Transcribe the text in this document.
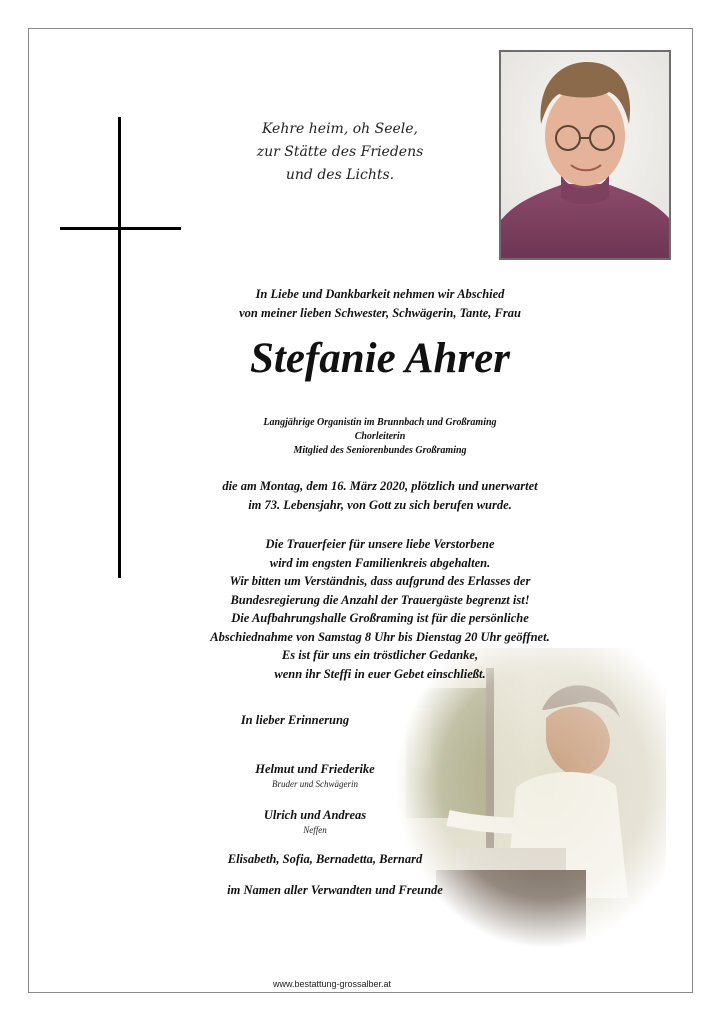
Kehre heim, oh Seele,
zur Stätte des Friedens
und des Lichts.
In Liebe und Dankbarkeit nehmen wir Abschied
von meiner lieben Schwester, Schwägerin, Tante, Frau
Stefanie Ahrer
Langjährige Organistin im Brunnbach und Großraming
Chorleiterin
Mitglied des Seniorenbundes Großraming
die am Montag, dem 16. März 2020, plötzlich und unerwartet
im 73. Lebensjahr, von Gott zu sich berufen wurde.
Die Trauerfeier für unsere liebe Verstorbene
wird im engsten Familienkreis abgehalten.
Wir bitten um Verständnis, dass aufgrund des Erlasses der
Bundesregierung die Anzahl der Trauergäste begrenzt ist!
Die Aufbahrungshalle Großraming ist für die persönliche
Abschiednahme von Samstag 8 Uhr bis Dienstag 20 Uhr geöffnet.
Es ist für uns ein tröstlicher Gedanke,
wenn ihr Steffi in euer Gebet einschließt.
In lieber Erinnerung
Helmut und Friederike
Bruder und Schwägerin
Ulrich und Andreas
Neffen
Elisabeth, Sofia, Bernadetta, Bernard
im Namen aller Verwandten und Freunde
www.bestattung-grossalber.at
